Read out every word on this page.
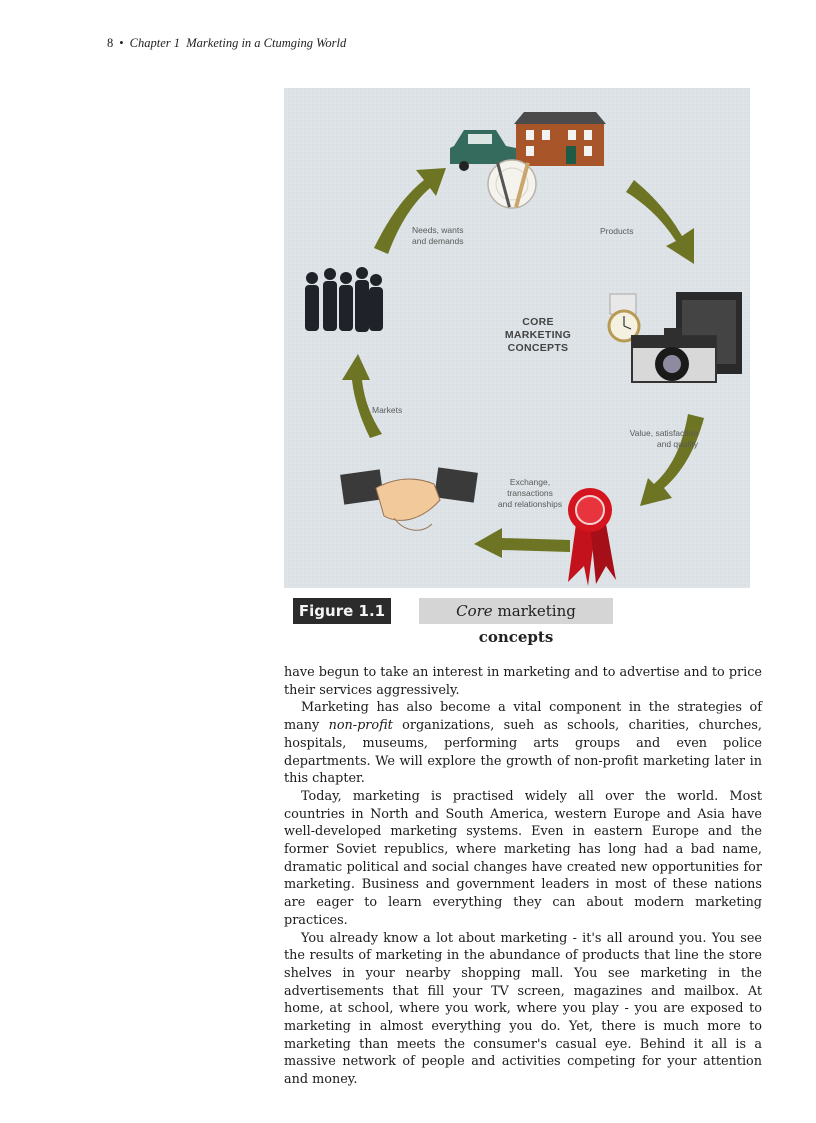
8 • Chapter 1 Marketing in a Ctumging World
Needs, wants
and demands
Products
CORE
MARKETING
CONCEPTS
Markets
Value, satisfaction
and quality
Exchange,
transactions
and relationships
Figure 1.1	Core marketing concepts

have begun to take an interest in marketing and to advertise and to price their services aggressively.

Marketing has also become a vital component in the strategies of many non-profit organizations, sueh as schools, charities, churches, hospitals, museums, performing arts groups and even police departments. We will explore the growth of non-profit marketing later in this chapter.

Today, marketing is practised widely all over the world. Most countries in North and South America, western Europe and Asia have well-developed marketing systems. Even in eastern Europe and the former Soviet republics, where marketing has long had a bad name, dramatic political and social changes have created new opportunities for marketing. Business and government leaders in most of these nations are eager to learn everything they can about modern marketing practices.

You already know a lot about marketing - it's all around you. You see the results of marketing in the abundance of products that line the store shelves in your nearby shopping mall. You see marketing in the advertisements that fill your TV screen, magazines and mailbox. At home, at school, where you work, where you play - you are exposed to marketing in almost everything you do. Yet, there is much more to marketing than meets the consumer's casual eye. Behind it all is a massive network of people and activities competing for your attention and money.
